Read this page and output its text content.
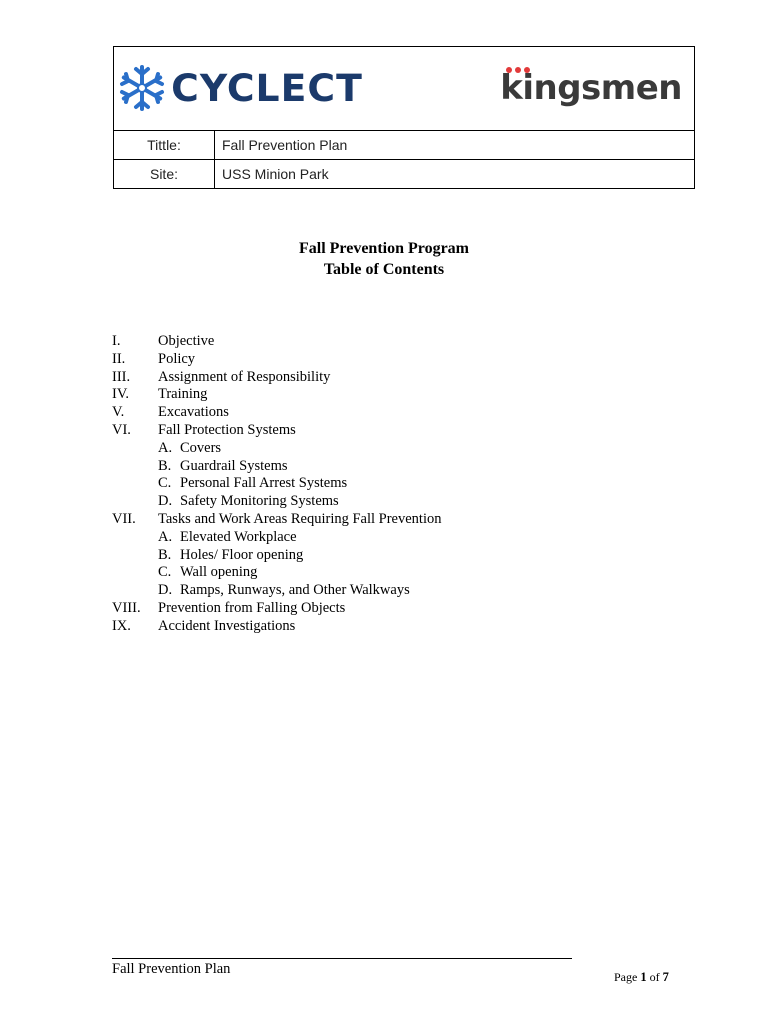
CYCLECT	kingsmen
Tittle:	Fall Prevention Plan
Site:	USS Minion Park
Fall Prevention Program
Table of Contents
I.	Objective
II.	Policy
III.	Assignment of Responsibility
IV.	Training
V.	Excavations
VI.	Fall Protection Systems
A. Covers
B. Guardrail Systems
C. Personal Fall Arrest Systems
D. Safety Monitoring Systems
VII.	Tasks and Work Areas Requiring Fall Prevention
A. Elevated Workplace
B. Holes/ Floor opening
C. Wall opening
D. Ramps, Runways, and Other Walkways
VIII.	Prevention from Falling Objects
IX.	Accident Investigations
Fall Prevention Plan	Page 1 of 7
